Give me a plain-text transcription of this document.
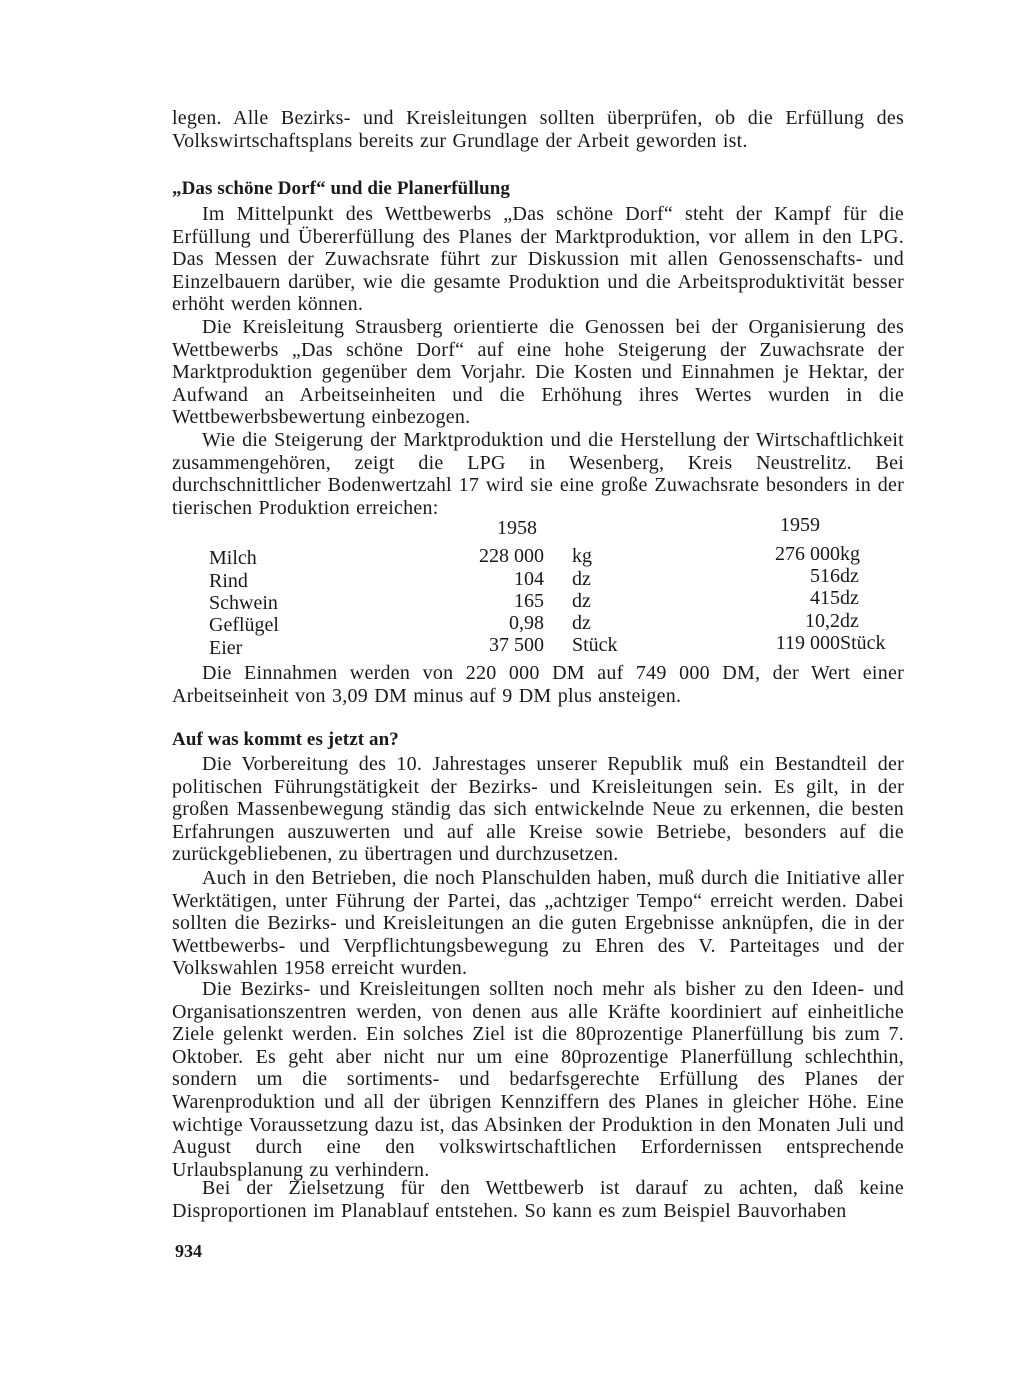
legen. Alle Bezirks- und Kreisleitungen sollten überprüfen, ob die Erfüllung des Volkswirtschaftsplans bereits zur Grundlage der Arbeit geworden ist.

„Das schöne Dorf“ und die Planerfüllung

Im Mittelpunkt des Wettbewerbs „Das schöne Dorf“ steht der Kampf für die Erfüllung und Übererfüllung des Planes der Marktproduktion, vor allem in den LPG. Das Messen der Zuwachsrate führt zur Diskussion mit allen Genossenschafts- und Einzelbauern darüber, wie die gesamte Produktion und die Arbeitsproduktivität besser erhöht werden können.

Die Kreisleitung Strausberg orientierte die Genossen bei der Organisierung des Wettbewerbs „Das schöne Dorf“ auf eine hohe Steigerung der Zuwachsrate der Marktproduktion gegenüber dem Vorjahr. Die Kosten und Einnahmen je Hektar, der Aufwand an Arbeitseinheiten und die Erhöhung ihres Wertes wurden in die Wettbewerbsbewertung einbezogen.

Wie die Steigerung der Marktproduktion und die Herstellung der Wirtschaftlichkeit zusammengehören, zeigt die LPG in Wesenberg, Kreis Neustrelitz. Bei durchschnittlicher Bodenwertzahl 17 wird sie eine große Zuwachsrate besonders in der tierischen Produktion erreichen:

1958	1959
Milch	228 000 kg	276 000 kg
Rind	104 dz	516 dz
Schwein	165 dz	415 dz
Geflügel	0,98 dz	10,2 dz
Eier	37 500 Stück	119 000 Stück

Die Einnahmen werden von 220 000 DM auf 749 000 DM, der Wert einer Arbeitseinheit von 3,09 DM minus auf 9 DM plus ansteigen.

Auf was kommt es jetzt an?

Die Vorbereitung des 10. Jahrestages unserer Republik muß ein Bestandteil der politischen Führungstätigkeit der Bezirks- und Kreisleitungen sein. Es gilt, in der großen Massenbewegung ständig das sich entwickelnde Neue zu erkennen, die besten Erfahrungen auszuwerten und auf alle Kreise sowie Betriebe, besonders auf die zurückgebliebenen, zu übertragen und durchzusetzen.

Auch in den Betrieben, die noch Planschulden haben, muß durch die Initiative aller Werktätigen, unter Führung der Partei, das „achtziger Tempo“ erreicht werden. Dabei sollten die Bezirks- und Kreisleitungen an die guten Ergebnisse anknüpfen, die in der Wettbewerbs- und Verpflichtungsbewegung zu Ehren des V. Parteitages und der Volkswahlen 1958 erreicht wurden.

Die Bezirks- und Kreisleitungen sollten noch mehr als bisher zu den Ideen- und Organisationszentren werden, von denen aus alle Kräfte koordiniert auf einheitliche Ziele gelenkt werden. Ein solches Ziel ist die 80prozentige Planerfüllung bis zum 7. Oktober. Es geht aber nicht nur um eine 80prozentige Planerfüllung schlechthin, sondern um die sortiments- und bedarfsgerechte Erfüllung des Planes der Warenproduktion und all der übrigen Kennziffern des Planes in gleicher Höhe. Eine wichtige Voraussetzung dazu ist, das Absinken der Produktion in den Monaten Juli und August durch eine den volkswirtschaftlichen Erfordernissen entsprechende Urlaubsplanung zu verhindern.

Bei der Zielsetzung für den Wettbewerb ist darauf zu achten, daß keine Disproportionen im Planablauf entstehen. So kann es zum Beispiel Bauvorhaben

934
